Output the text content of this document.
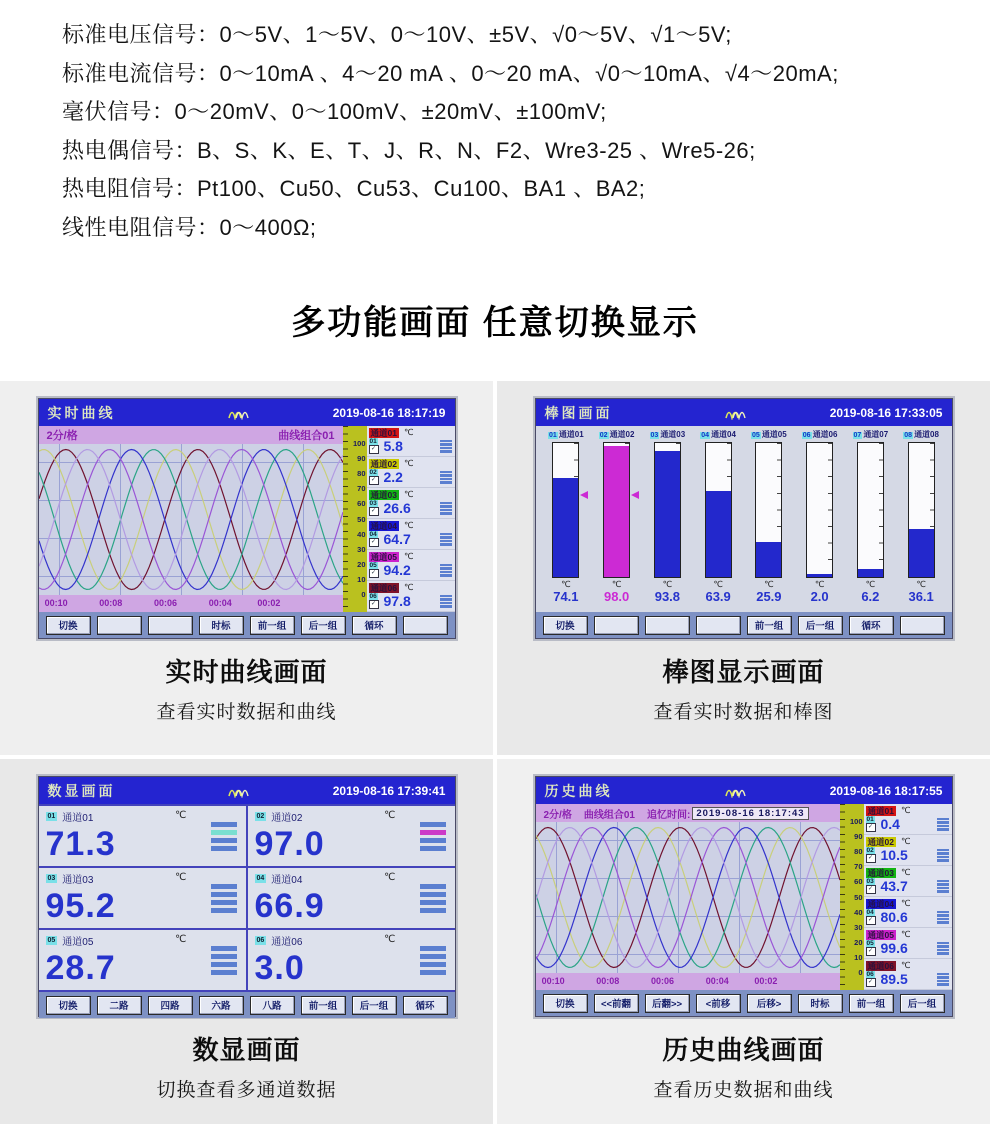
标准电压信号：0～5V、1～5V、0～10V、±5V、√0～5V、√1～5V;
标准电流信号：0～10mA 、4～20 mA 、0～20 mA、√0～10mA、√4～20mA;
毫伏信号：0～20mV、0～100mV、±20mV、±100mV;
热电偶信号：B、S、K、E、T、J、R、N、F2、Wre3-25 、Wre5-26;
热电阻信号：Pt100、Cu50、Cu53、Cu100、BA1 、BA2;
线性电阻信号：0～400Ω;
多功能画面 任意切换显示
实时曲线	2019-08-16 18:17:19
2分/格	曲线组合01
00:10	00:08	00:06	00:04	00:02
100
90
80
70
60
50
40
30
20
10
0
通道01 ℃
01
✓ 5.8
通道02 ℃
02
✓ 2.2
通道03 ℃
03
✓ 26.6
通道04 ℃
04
✓ 64.7
通道05 ℃
05
✓ 94.2
通道06 ℃
06
✓ 97.8
切换	时标	前一组	后一组	循环
实时曲线画面
查看实时数据和曲线
棒图画面	2019-08-16 17:33:05
01 通道01
℃
74.1
02 通道02
℃
98.0
03 通道03
℃
93.8
04 通道04
℃
63.9
05 通道05
℃
25.9
06 通道06
℃
2.0
07 通道07
℃
6.2
08 通道08
℃
36.1
切换	前一组	后一组	循环
棒图显示画面
查看实时数据和棒图
数显画面	2019-08-16 17:39:41
01 通道01	℃
71.3
02 通道02	℃
97.0
03 通道03	℃
95.2
04 通道04	℃
66.9
05 通道05	℃
28.7
06 通道06	℃
3.0
切换	二路	四路	六路	八路	前一组	后一组	循环
数显画面
切换查看多通道数据
历史曲线	2019-08-16 18:17:55
2分/格 曲线组合01 追忆时间: 2019-08-16 18:17:43
00:10	00:08	00:06	00:04	00:02
100
90
80
70
60
50
40
30
20
10
0
通道01 ℃
01
✓ 0.4
通道02 ℃
02
✓ 10.5
通道03 ℃
03
✓ 43.7
通道04 ℃
04
✓ 80.6
通道05 ℃
05
✓ 99.6
通道06 ℃
06
✓ 89.5
切换	<<前翻	后翻>>	<前移	后移>	时标	前一组	后一组
历史曲线画面
查看历史数据和曲线
